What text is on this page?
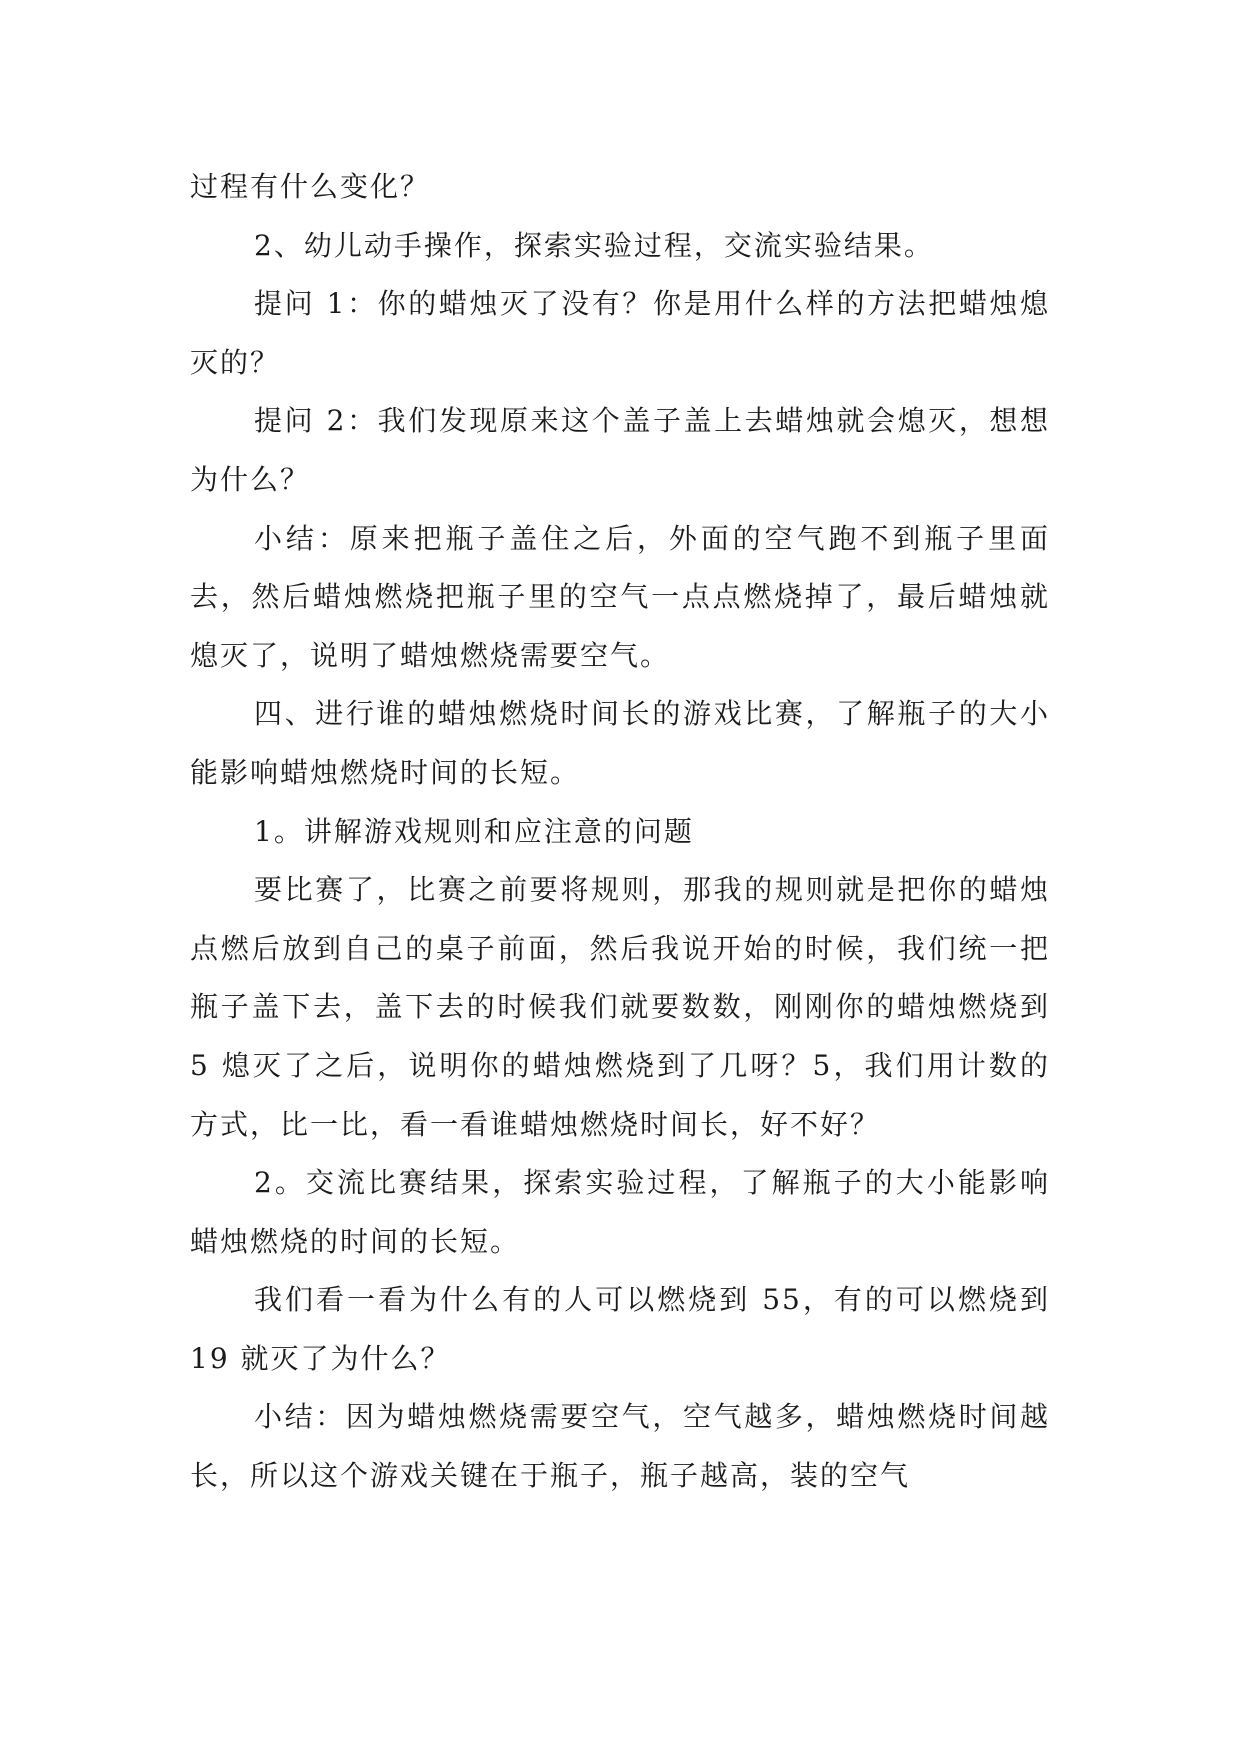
过程有什么变化？

2、幼儿动手操作，探索实验过程，交流实验结果。

提问 1：你的蜡烛灭了没有？你是用什么样的方法把蜡烛熄灭的？

提问 2：我们发现原来这个盖子盖上去蜡烛就会熄灭，想想为什么？

小结：原来把瓶子盖住之后，外面的空气跑不到瓶子里面去，然后蜡烛燃烧把瓶子里的空气一点点燃烧掉了，最后蜡烛就熄灭了，说明了蜡烛燃烧需要空气。

四、进行谁的蜡烛燃烧时间长的游戏比赛，了解瓶子的大小能影响蜡烛燃烧时间的长短。

1。讲解游戏规则和应注意的问题

要比赛了，比赛之前要将规则，那我的规则就是把你的蜡烛点燃后放到自己的桌子前面，然后我说开始的时候，我们统一把瓶子盖下去，盖下去的时候我们就要数数，刚刚你的蜡烛燃烧到 5 熄灭了之后，说明你的蜡烛燃烧到了几呀？5，我们用计数的方式，比一比，看一看谁蜡烛燃烧时间长，好不好？

2。交流比赛结果，探索实验过程，了解瓶子的大小能影响蜡烛燃烧的时间的长短。

我们看一看为什么有的人可以燃烧到 55，有的可以燃烧到 19 就灭了为什么？

小结：因为蜡烛燃烧需要空气，空气越多，蜡烛燃烧时间越长，所以这个游戏关键在于瓶子，瓶子越高，装的空气
